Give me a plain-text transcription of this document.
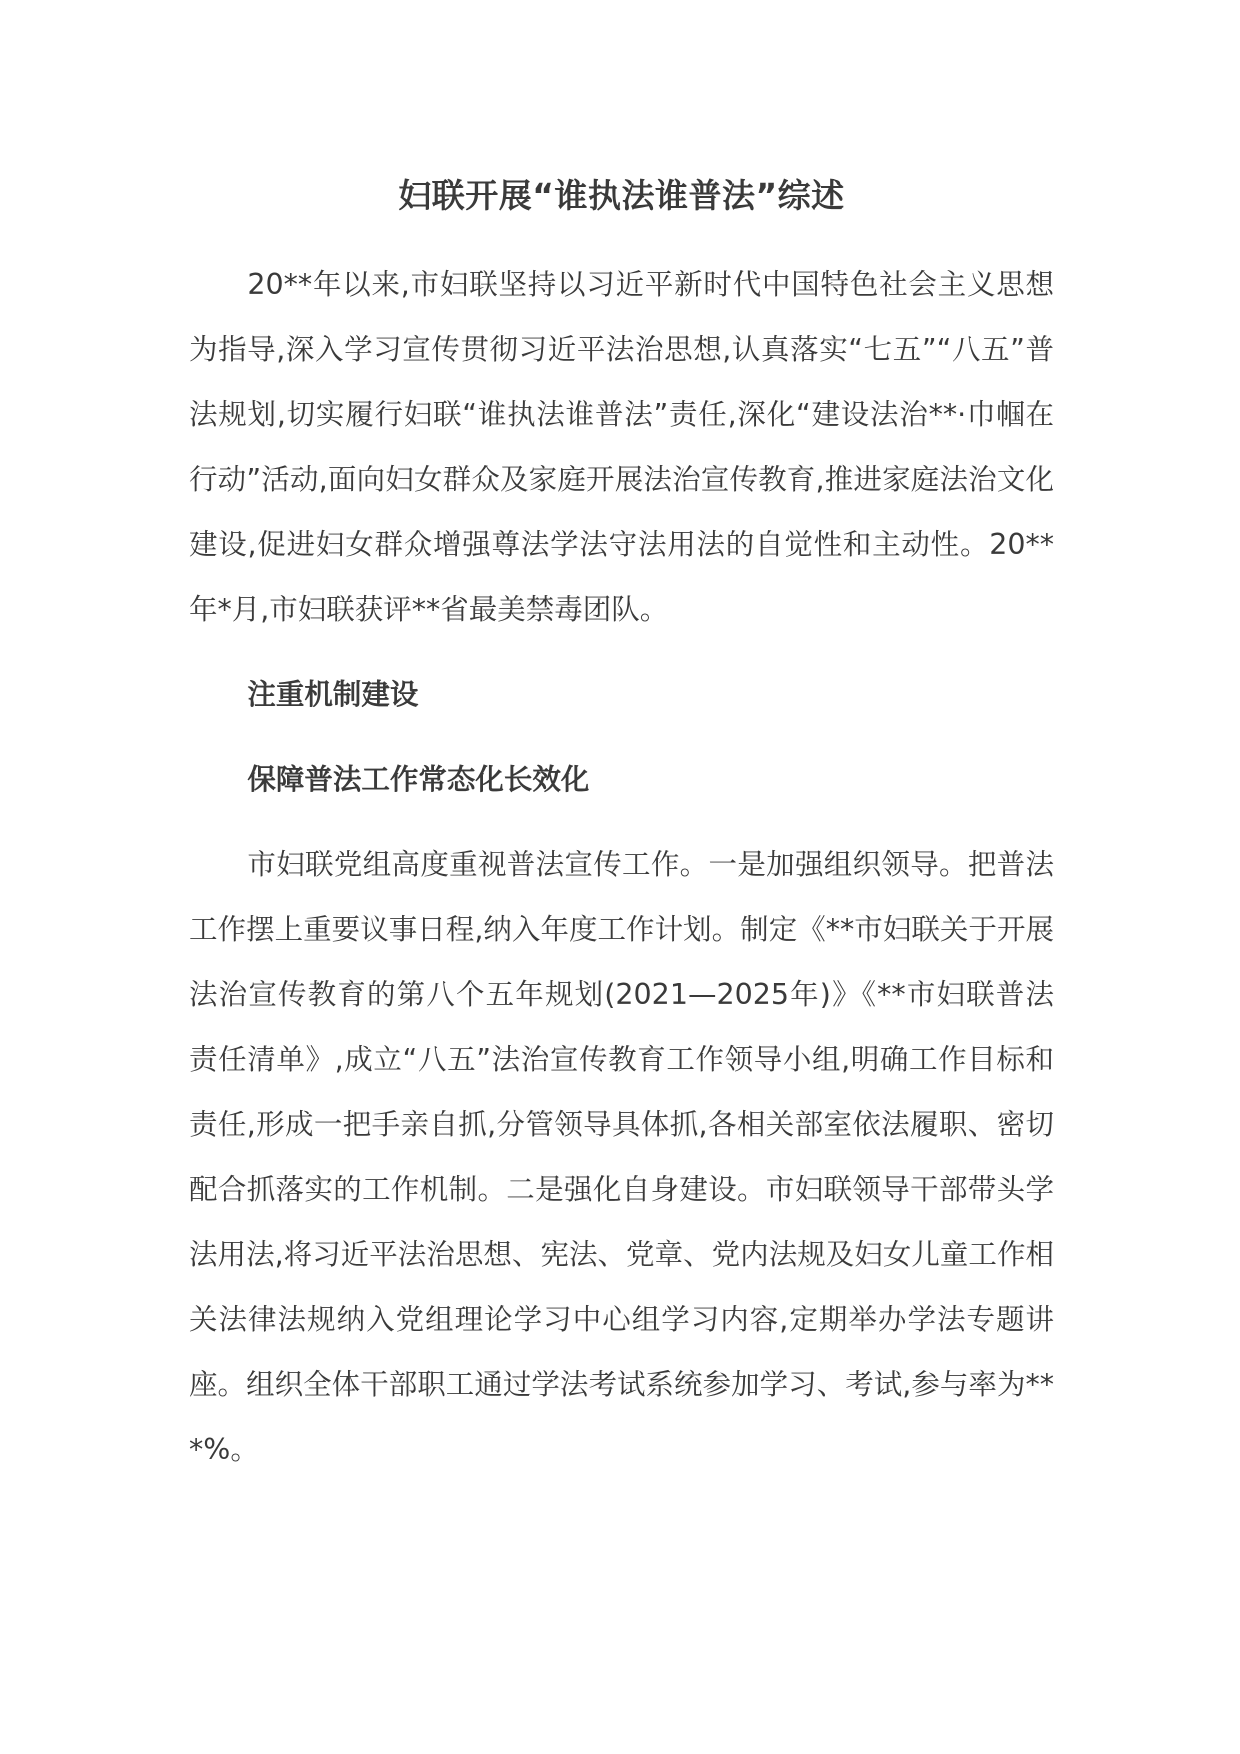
妇联开展“谁执法谁普法”综述

20**年以来,市妇联坚持以习近平新时代中国特色社会主义思想为指导,深入学习宣传贯彻习近平法治思想,认真落实“七五”“八五”普法规划,切实履行妇联“谁执法谁普法”责任,深化“建设法治**·巾帼在行动”活动,面向妇女群众及家庭开展法治宣传教育,推进家庭法治文化建设,促进妇女群众增强尊法学法守法用法的自觉性和主动性。20**年*月,市妇联获评**省最美禁毒团队。

注重机制建设

保障普法工作常态化长效化

市妇联党组高度重视普法宣传工作。一是加强组织领导。把普法工作摆上重要议事日程,纳入年度工作计划。制定《**市妇联关于开展法治宣传教育的第八个五年规划(2021—2025年)》《**市妇联普法责任清单》,成立“八五”法治宣传教育工作领导小组,明确工作目标和责任,形成一把手亲自抓,分管领导具体抓,各相关部室依法履职、密切配合抓落实的工作机制。二是强化自身建设。市妇联领导干部带头学法用法,将习近平法治思想、宪法、党章、党内法规及妇女儿童工作相关法律法规纳入党组理论学习中心组学习内容,定期举办学法专题讲座。组织全体干部职工通过学法考试系统参加学习、考试,参与率为***%。
